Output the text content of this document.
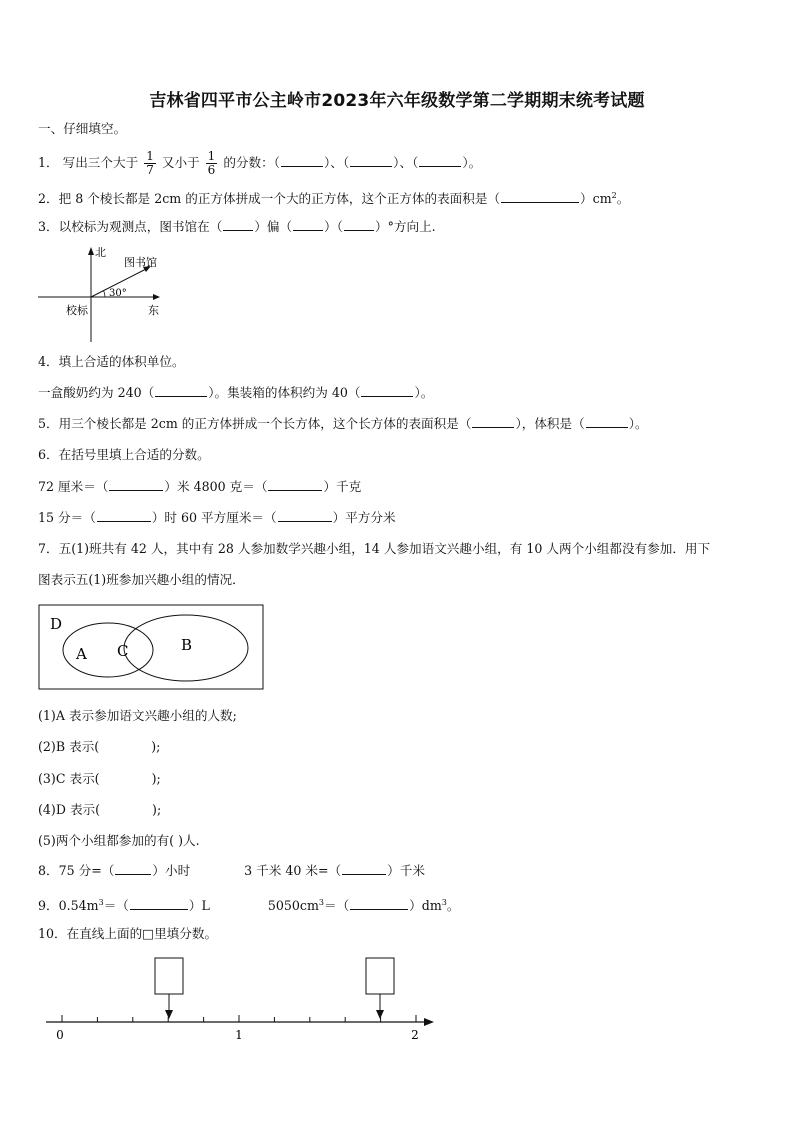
吉林省四平市公主岭市2023年六年级数学第二学期期末统考试题
一、仔细填空。
1． 写出三个大于 $\frac{1}{7}$ 又小于 $\frac{1}{6}$ 的分数：（	）、（	）、（	）。
2．把 8 个棱长都是 2cm 的正方体拼成一个大的正方体，这个正方体的表面积是（	）$cm^2$。
3．以校标为观测点，图书馆在（	）偏（	）（	）°方向上.
北
图书馆
30°
校标	东
4．填上合适的体积单位。
一盒酸奶约为 240（	）。集装箱的体积约为 40（	）。
5．用三个棱长都是 2cm 的正方体拼成一个长方体，这个长方体的表面积是（	），体积是（	）。
6．在括号里填上合适的分数。
72 厘米＝（	）米 4800 克＝（	）千克
15 分＝（	）时 60 平方厘米＝（	）平方分米
7．五(1)班共有 42 人，其中有 28 人参加数学兴趣小组，14 人参加语文兴趣小组，有 10 人两个小组都没有参加．用下
图表示五(1)班参加兴趣小组的情况．
D
A C	B
(1)A 表示参加语文兴趣小组的人数;
(2)B 表示(	);
(3)C 表示(	);
(4)D 表示(	);
(5)两个小组都参加的有( )人.
8．75 分=（	）小时	3 千米 40 米=（	）千米
9．$0.54m^3=$（	）L	$5050cm^3=$（	）$dm^3$。
10．在直线上面的□里填分数。
0	1	2
